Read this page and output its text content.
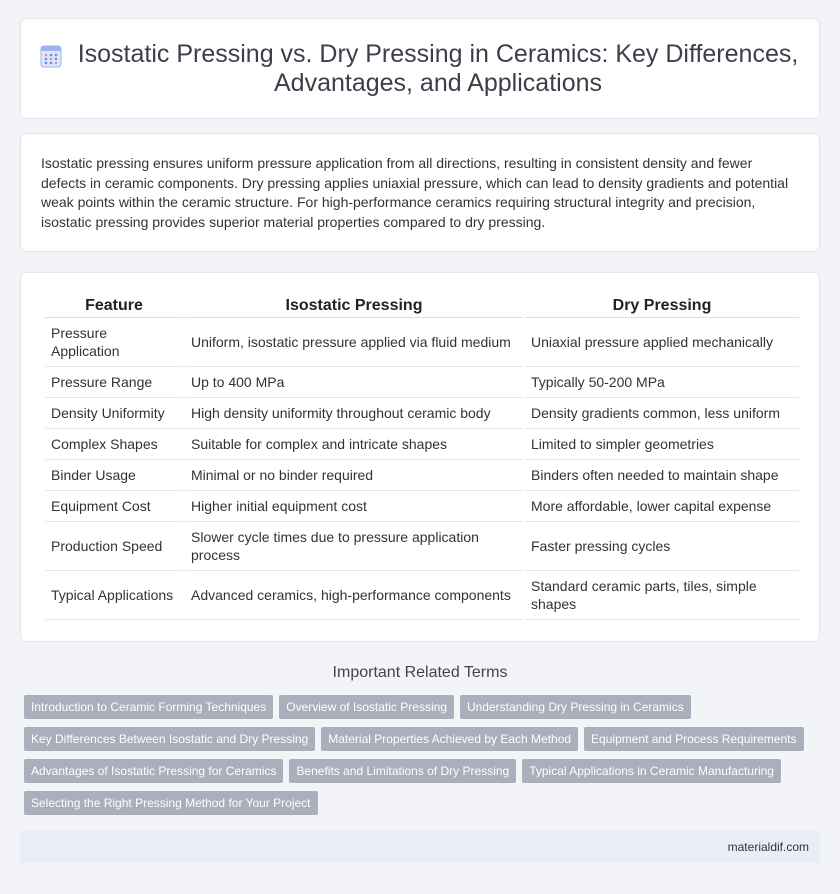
Isostatic Pressing vs. Dry Pressing in Ceramics: Key Differences, Advantages, and Applications

Isostatic pressing ensures uniform pressure application from all directions, resulting in consistent density and fewer defects in ceramic components. Dry pressing applies uniaxial pressure, which can lead to density gradients and potential weak points within the ceramic structure. For high-performance ceramics requiring structural integrity and precision, isostatic pressing provides superior material properties compared to dry pressing.

Feature	Isostatic Pressing	Dry Pressing
Pressure Application	Uniform, isostatic pressure applied via fluid medium	Uniaxial pressure applied mechanically
Pressure Range	Up to 400 MPa	Typically 50-200 MPa
Density Uniformity	High density uniformity throughout ceramic body	Density gradients common, less uniform
Complex Shapes	Suitable for complex and intricate shapes	Limited to simpler geometries
Binder Usage	Minimal or no binder required	Binders often needed to maintain shape
Equipment Cost	Higher initial equipment cost	More affordable, lower capital expense
Production Speed	Slower cycle times due to pressure application process	Faster pressing cycles
Typical Applications	Advanced ceramics, high-performance components	Standard ceramic parts, tiles, simple shapes
Important Related Terms
Introduction to Ceramic Forming Techniques	Overview of Isostatic Pressing	Understanding Dry Pressing in Ceramics
Key Differences Between Isostatic and Dry Pressing	Material Properties Achieved by Each Method	Equipment and Process Requirements
Advantages of Isostatic Pressing for Ceramics	Benefits and Limitations of Dry Pressing	Typical Applications in Ceramic Manufacturing
Selecting the Right Pressing Method for Your Project
materialdif.com
